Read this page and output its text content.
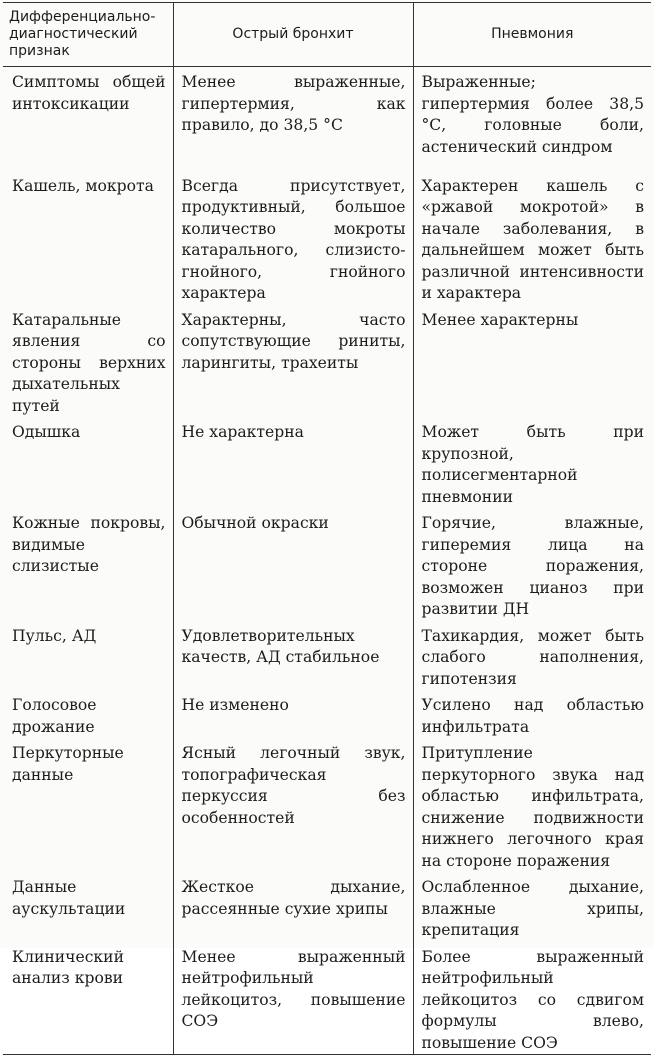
Дифференциально-диагностический признак	Острый бронхит	Пневмония
Симптомы общей интоксикации	Менее выраженные, гипертермия, как правило, до 38,5 °С	Выраженные; гипертермия более 38,5 °С, головные боли, астенический синдром
Кашель, мокрота	Всегда присутствует, продуктивный, большое количество мокроты катарального, слизисто-гнойного, гнойного характера	Характерен кашель с «ржавой мокротой» в начале заболевания, в дальнейшем может быть различной интенсивности и характера
Катаральные явления со стороны верхних дыхательных путей	Характерны, часто сопутствующие риниты, ларингиты, трахеиты	Менее характерны
Одышка	Не характерна	Может быть при крупозной, полисегментарной пневмонии
Кожные покровы, видимые слизистые	Обычной окраски	Горячие, влажные, гиперемия лица на стороне поражения, возможен цианоз при развитии ДН
Пульс, АД	Удовлетворительных качеств, АД стабильное	Тахикардия, может быть слабого наполнения, гипотензия
Голосовое дрожание	Не изменено	Усилено над областью инфильтрата
Перкуторные данные	Ясный легочный звук, топографическая перкуссия без особенностей	Притупление перкуторного звука над областью инфильтрата, снижение подвижности нижнего легочного края на стороне поражения
Данные аускультации	Жесткое дыхание, рассеянные сухие хрипы	Ослабленное дыхание, влажные хрипы, крепитация
Клинический анализ крови	Менее выраженный нейтрофильный лейкоцитоз, повышение СОЭ	Более выраженный нейтрофильный лейкоцитоз со сдвигом формулы влево, повышение СОЭ
